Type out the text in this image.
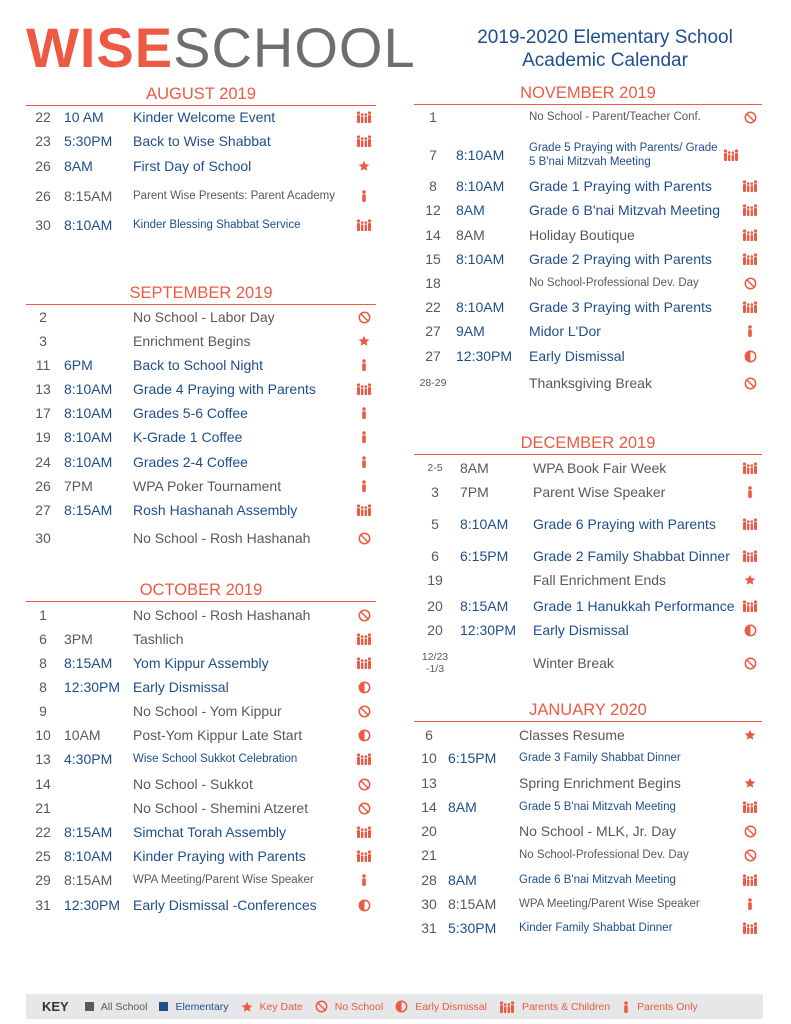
WISESCHOOL	2019-2020 Elementary School
Academic Calendar
AUGUST 2019
22 10 AM	Kinder Welcome Event
23 5:30PM	Back to Wise Shabbat
26 8AM	First Day of School
26 8:15AM	Parent Wise Presents: Parent Academy
30 8:10AM	Kinder Blessing Shabbat Service
SEPTEMBER 2019
2	No School - Labor Day
3	Enrichment Begins
11 6PM	Back to School Night
13 8:10AM	Grade 4 Praying with Parents
17 8:10AM	Grades 5-6 Coffee
19 8:10AM	K-Grade 1 Coffee
24 8:10AM	Grades 2-4 Coffee
26 7PM	WPA Poker Tournament
27 8:15AM	Rosh Hashanah Assembly
30	No School - Rosh Hashanah
OCTOBER 2019
1	No School - Rosh Hashanah
6	3PM	Tashlich
8	8:15AM	Yom Kippur Assembly
8	12:30PM Early Dismissal
9	No School - Yom Kippur
10 10AM	Post-Yom Kippur Late Start
13 4:30PM	Wise School Sukkot Celebration
14	No School - Sukkot
21	No School - Shemini Atzeret
22 8:15AM	Simchat Torah Assembly
25 8:10AM	Kinder Praying with Parents
29 8:15AM	WPA Meeting/Parent Wise Speaker
31 12:30PM Early Dismissal -Conferences
NOVEMBER 2019
1	No School - Parent/Teacher Conf.
7	8:10AM	Grade 5 Praying with Parents/ Grade 5 B'nai Mitzvah Meeting
8	8:10AM	Grade 1 Praying with Parents
12	8AM	Grade 6 B'nai Mitzvah Meeting
14	8AM	Holiday Boutique
15	8:10AM	Grade 2 Praying with Parents
18	No School-Professional Dev. Day
22	8:10AM	Grade 3 Praying with Parents
27	9AM	Midor L'Dor
27	12:30PM	Early Dismissal
28-29	Thanksgiving Break
DECEMBER 2019
2-5	8AM	WPA Book Fair Week
3	7PM	Parent Wise Speaker
5	8:10AM	Grade 6 Praying with Parents
6	6:15PM	Grade 2 Family Shabbat Dinner
19	Fall Enrichment Ends
20	8:15AM	Grade 1 Hanukkah Performance
20	12:30PM	Early Dismissal
12/23 -1/3	Winter Break
JANUARY 2020
6	Classes Resume
10 6:15PM	Grade 3 Family Shabbat Dinner
13	Spring Enrichment Begins
14 8AM	Grade 5 B'nai Mitzvah Meeting
20	No School - MLK, Jr. Day
21	No School-Professional Dev. Day
28 8AM	Grade 6 B'nai Mitzvah Meeting
30 8:15AM	WPA Meeting/Parent Wise Speaker
31 5:30PM	Kinder Family Shabbat Dinner
KEY	All School	Elementary	Key Date	No School	Early Dismissal	Parents & Children	Parents Only
